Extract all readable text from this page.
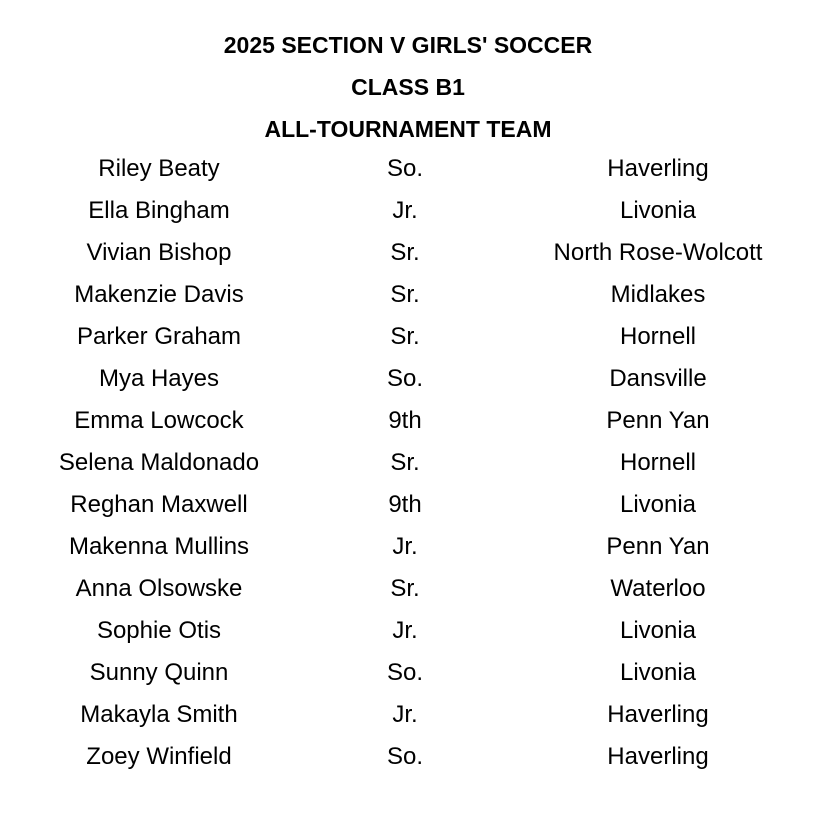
2025 SECTION V GIRLS' SOCCER
CLASS B1
ALL-TOURNAMENT TEAM
Riley Beaty	So.	Haverling
Ella Bingham	Jr.	Livonia
Vivian Bishop	Sr.	North Rose-Wolcott
Makenzie Davis	Sr.	Midlakes
Parker Graham	Sr.	Hornell
Mya Hayes	So.	Dansville
Emma Lowcock	9th	Penn Yan
Selena Maldonado	Sr.	Hornell
Reghan Maxwell	9th	Livonia
Makenna Mullins	Jr.	Penn Yan
Anna Olsowske	Sr.	Waterloo
Sophie Otis	Jr.	Livonia
Sunny Quinn	So.	Livonia
Makayla Smith	Jr.	Haverling
Zoey Winfield	So.	Haverling
